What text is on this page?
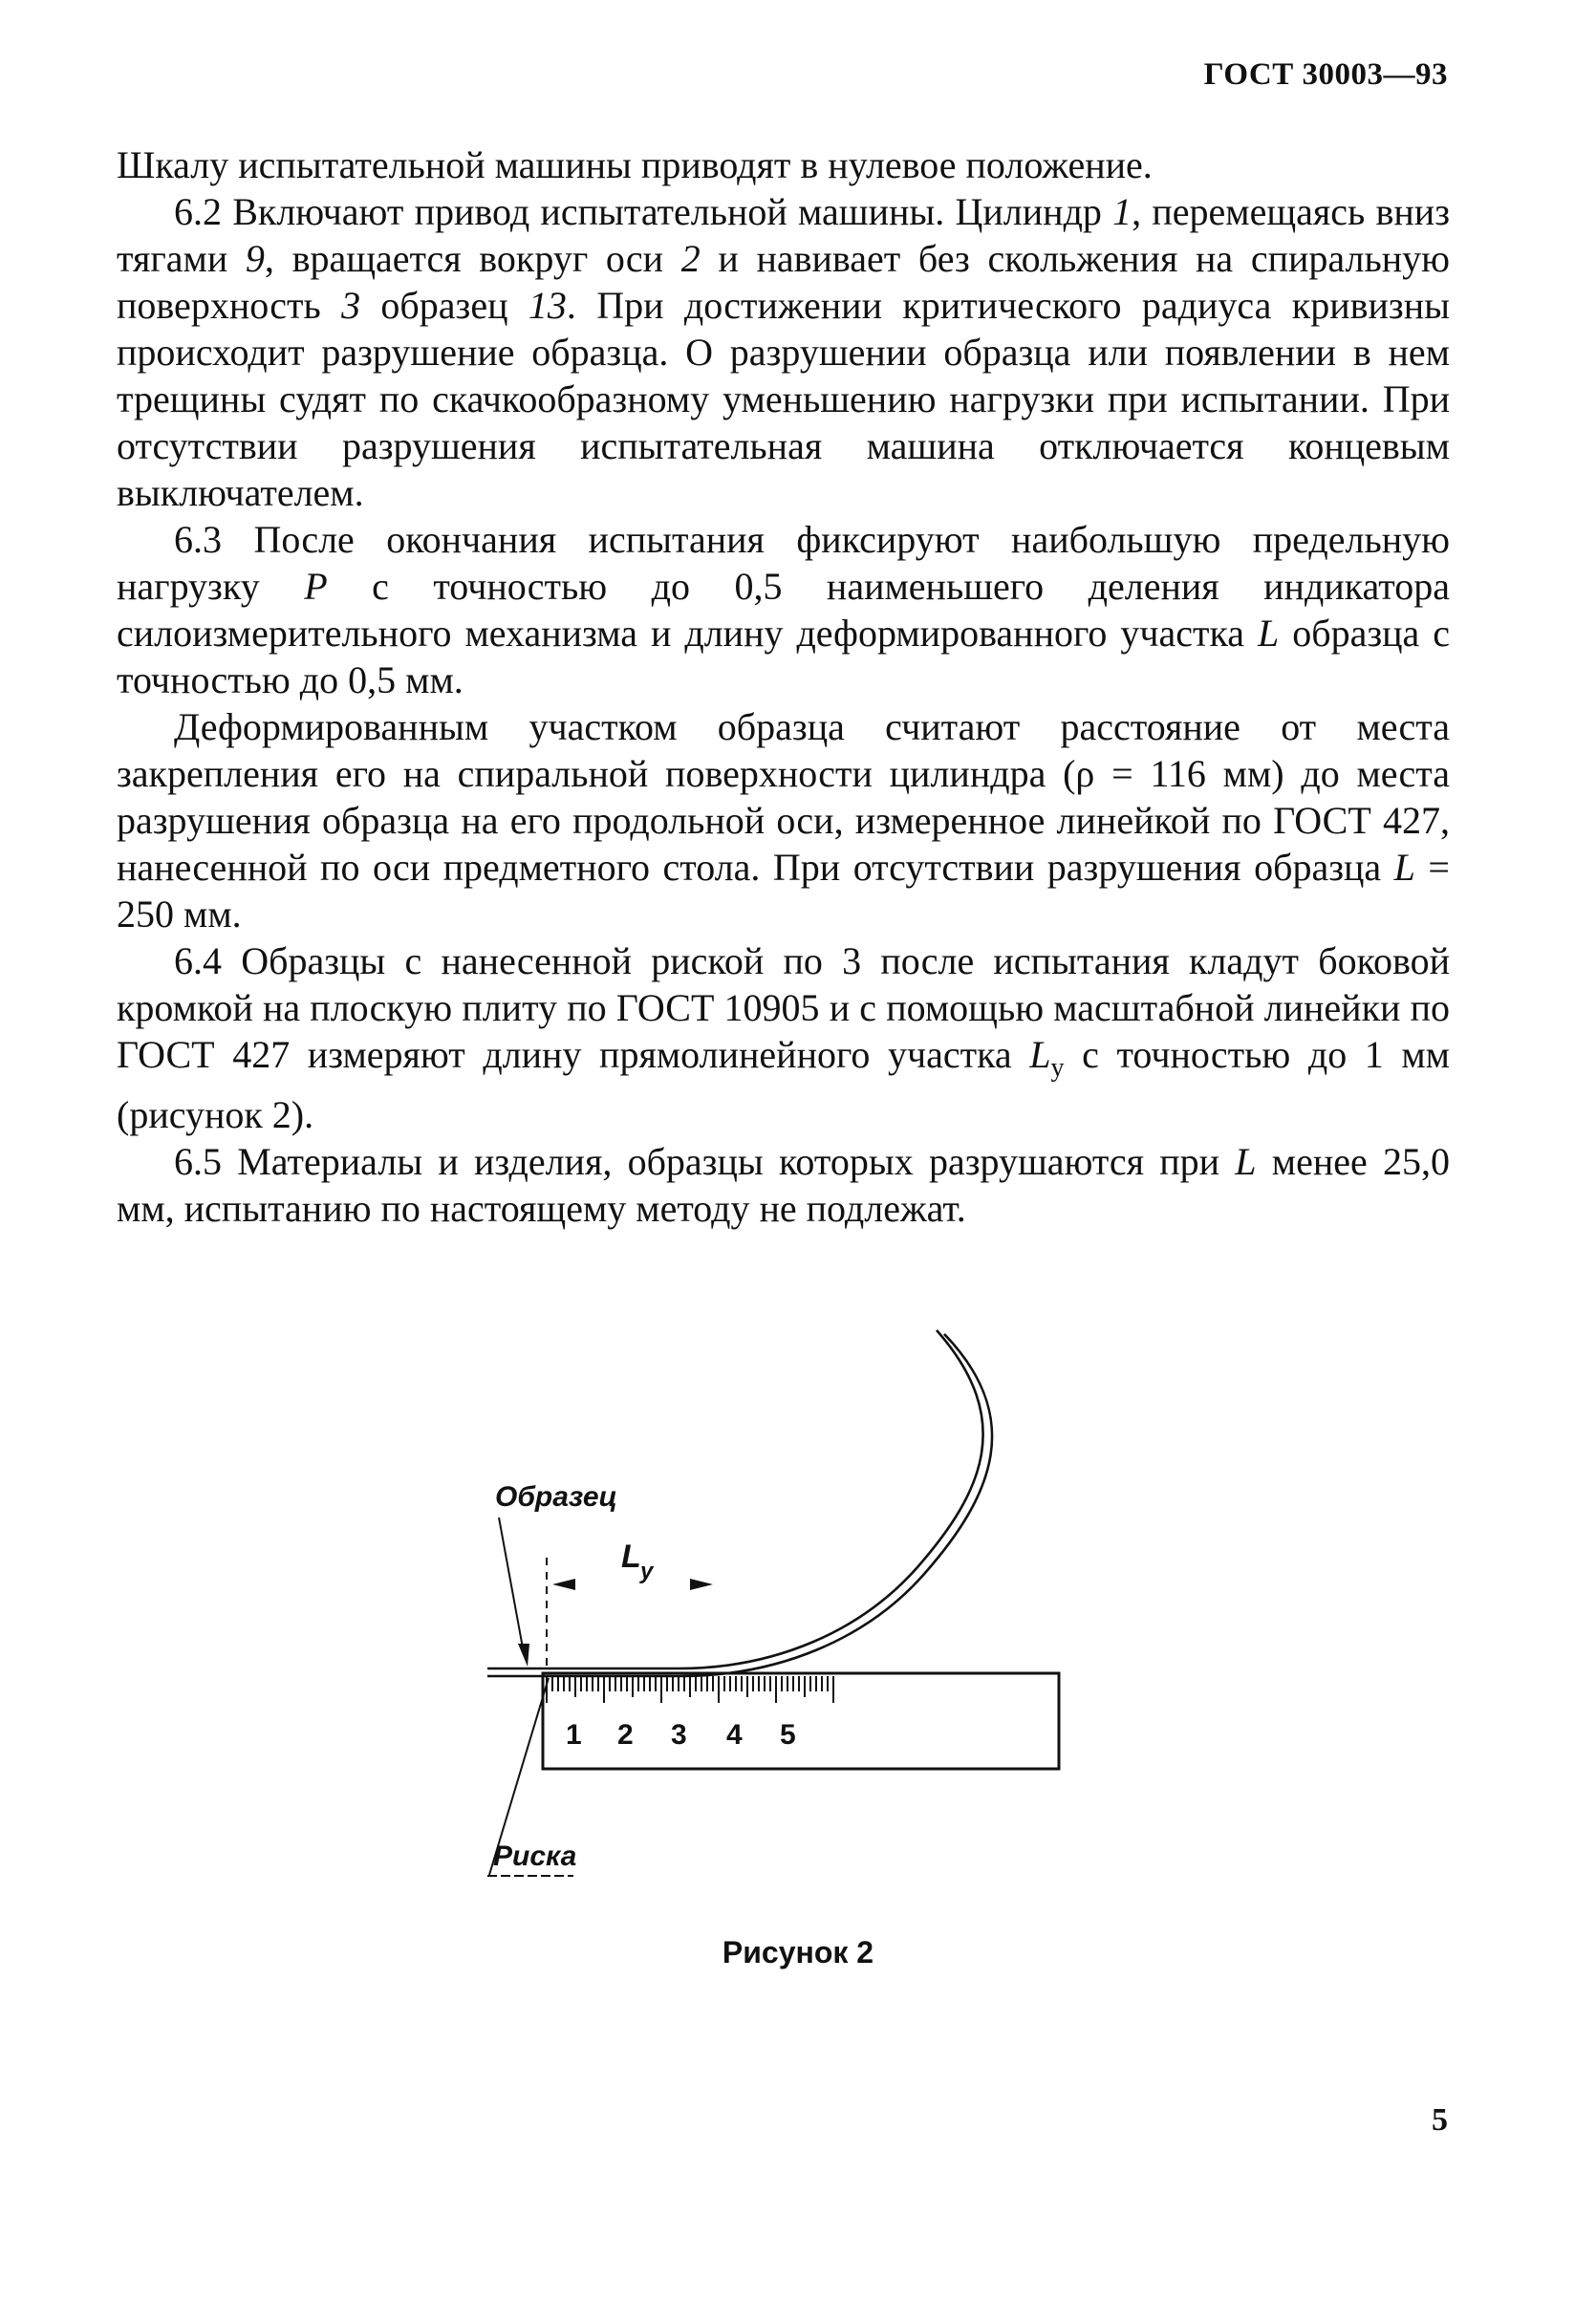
ГОСТ 30003—93

Шкалу испытательной машины приводят в нулевое положение.

6.2 Включают привод испытательной машины. Цилиндр 1, перемещаясь вниз тягами 9, вращается вокруг оси 2 и навивает без скольжения на спиральную поверхность 3 образец 13. При достижении критического радиуса кривизны происходит разрушение образца. О разрушении образца или появлении в нем трещины судят по скачкообразному уменьшению нагрузки при испытании. При отсутствии разрушения испытательная машина отключается концевым выключателем.

6.3 После окончания испытания фиксируют наибольшую предельную нагрузку P с точностью до 0,5 наименьшего деления индикатора силоизмерительного механизма и длину деформированного участка L образца с точностью до 0,5 мм.

Деформированным участком образца считают расстояние от места закрепления его на спиральной поверхности цилиндра (ρ = 116 мм) до места разрушения образца на его продольной оси, измеренное линейкой по ГОСТ 427, нанесенной по оси предметного стола. При отсутствии разрушения образца L = 250 мм.

6.4 Образцы с нанесенной риской по 3 после испытания кладут боковой кромкой на плоскую плиту по ГОСТ 10905 и с помощью масштабной линейки по ГОСТ 427 измеряют длину прямолинейного участка $L_у$ с точностью до 1 мм (рисунок 2).

6.5 Материалы и изделия, образцы которых разрушаются при L менее 25,0 мм, испытанию по настоящему методу не подлежат.

1 2 3 4 5
L у
Образец
Риска
Рисунок 2
5
